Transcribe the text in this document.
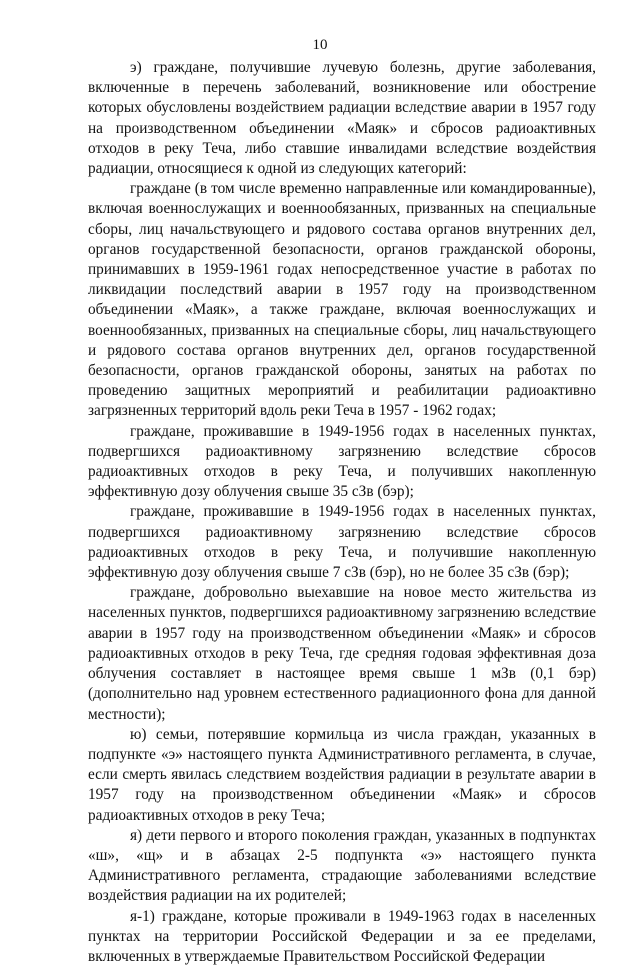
10

э) граждане, получившие лучевую болезнь, другие заболевания, включенные в перечень заболеваний, возникновение или обострение которых обусловлены воздействием радиации вследствие аварии в 1957 году на производственном объединении «Маяк» и сбросов радиоактивных отходов в реку Теча, либо ставшие инвалидами вследствие воздействия радиации, относящиеся к одной из следующих категорий:

граждане (в том числе временно направленные или командированные), включая военнослужащих и военнообязанных, призванных на специальные сборы, лиц начальствующего и рядового состава органов внутренних дел, органов государственной безопасности, органов гражданской обороны, принимавших в 1959-1961 годах непосредственное участие в работах по ликвидации последствий аварии в 1957 году на производственном объединении «Маяк», а также граждане, включая военнослужащих и военнообязанных, призванных на специальные сборы, лиц начальствующего и рядового состава органов внутренних дел, органов государственной безопасности, органов гражданской обороны, занятых на работах по проведению защитных мероприятий и реабилитации радиоактивно загрязненных территорий вдоль реки Теча в 1957 - 1962 годах;

граждане, проживавшие в 1949-1956 годах в населенных пунктах, подвергшихся радиоактивному загрязнению вследствие сбросов радиоактивных отходов в реку Теча, и получивших накопленную эффективную дозу облучения свыше 35 сЗв (бэр);

граждане, проживавшие в 1949-1956 годах в населенных пунктах, подвергшихся радиоактивному загрязнению вследствие сбросов радиоактивных отходов в реку Теча, и получившие накопленную эффективную дозу облучения свыше 7 сЗв (бэр), но не более 35 сЗв (бэр);

граждане, добровольно выехавшие на новое место жительства из населенных пунктов, подвергшихся радиоактивному загрязнению вследствие аварии в 1957 году на производственном объединении «Маяк» и сбросов радиоактивных отходов в реку Теча, где средняя годовая эффективная доза облучения составляет в настоящее время свыше 1 мЗв (0,1 бэр) (дополнительно над уровнем естественного радиационного фона для данной местности);

ю) семьи, потерявшие кормильца из числа граждан, указанных в подпункте «э» настоящего пункта Административного регламента, в случае, если смерть явилась следствием воздействия радиации в результате аварии в 1957 году на производственном объединении «Маяк» и сбросов радиоактивных отходов в реку Теча;

я) дети первого и второго поколения граждан, указанных в подпунктах «ш», «щ» и в абзацах 2-5 подпункта «э» настоящего пункта Административного регламента, страдающие заболеваниями вследствие воздействия радиации на их родителей;

я-1) граждане, которые проживали в 1949-1963 годах в населенных пунктах на территории Российской Федерации и за ее пределами, включенных в утверждаемые Правительством Российской Федерации
